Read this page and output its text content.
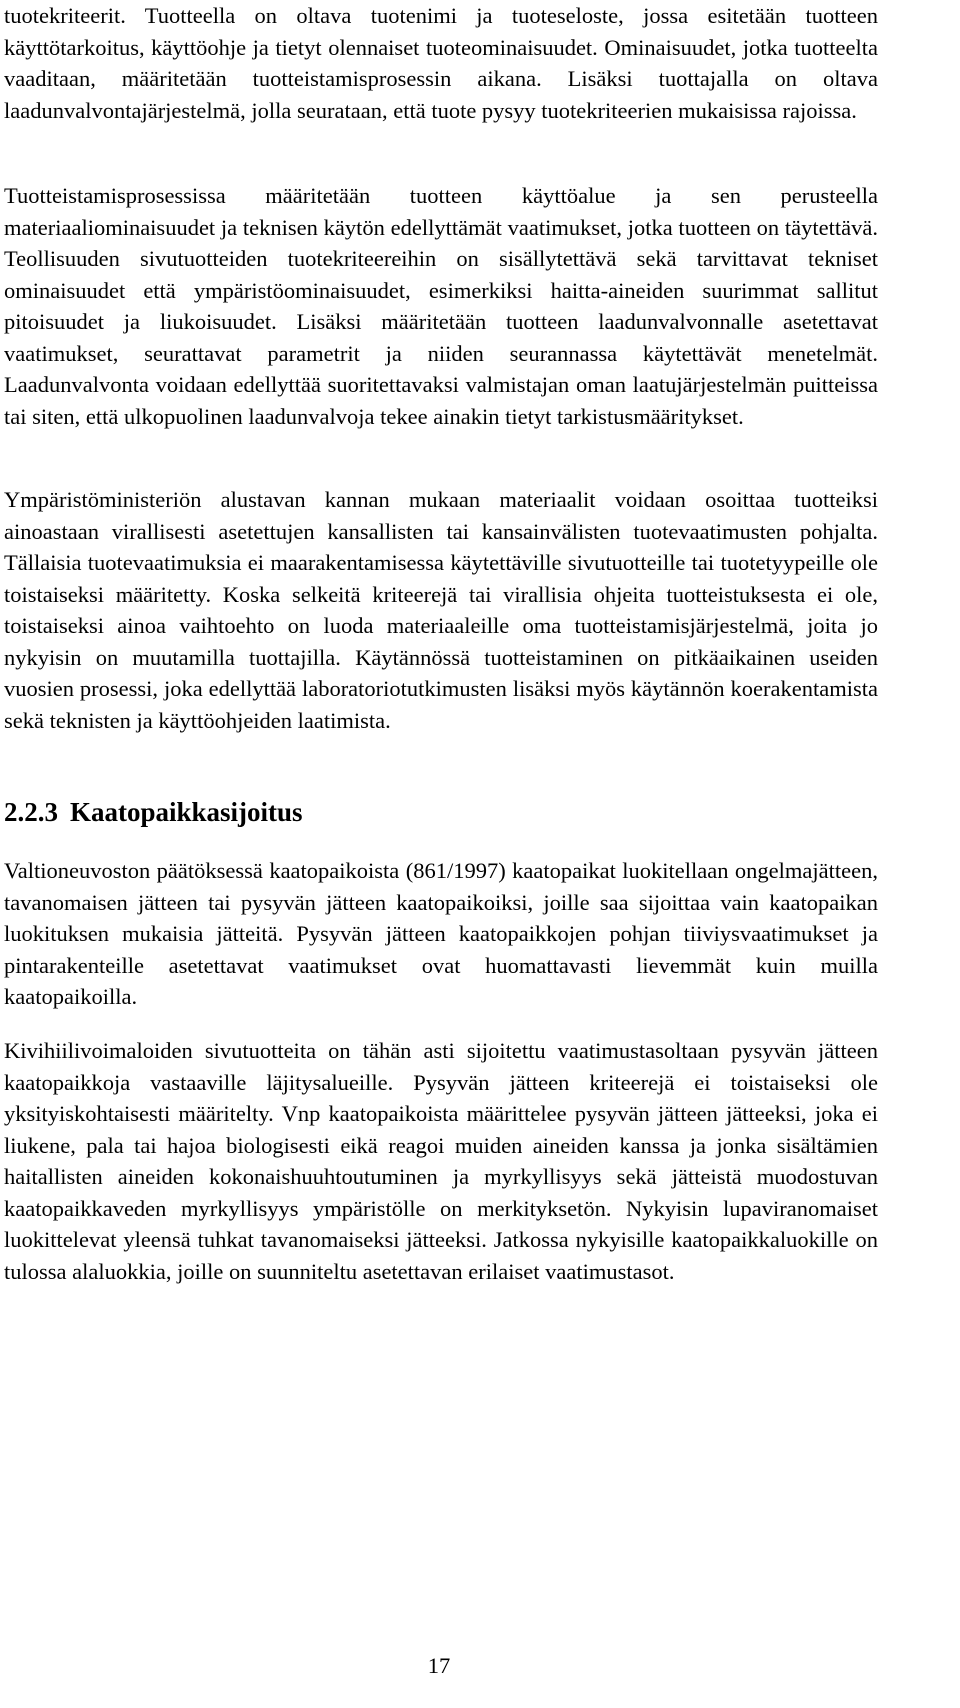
tuotekriteerit. Tuotteella on oltava tuotenimi ja tuoteseloste, jossa esitetään tuotteen käyttötarkoitus, käyttöohje ja tietyt olennaiset tuoteominaisuudet. Ominaisuudet, jotka tuotteelta vaaditaan, määritetään tuotteistamisprosessin aikana. Lisäksi tuottajalla on oltava laadunvalvontajärjestelmä, jolla seurataan, että tuote pysyy tuotekriteerien mukaisissa rajoissa.

Tuotteistamisprosessissa määritetään tuotteen käyttöalue ja sen perusteella materiaaliominaisuudet ja teknisen käytön edellyttämät vaatimukset, jotka tuotteen on täytettävä. Teollisuuden sivutuotteiden tuotekriteereihin on sisällytettävä sekä tarvittavat tekniset ominaisuudet että ympäristöominaisuudet, esimerkiksi haitta-aineiden suurimmat sallitut pitoisuudet ja liukoisuudet. Lisäksi määritetään tuotteen laadunvalvonnalle asetettavat vaatimukset, seurattavat parametrit ja niiden seurannassa käytettävät menetelmät. Laadunvalvonta voidaan edellyttää suoritettavaksi valmistajan oman laatujärjestelmän puitteissa tai siten, että ulkopuolinen laadunvalvoja tekee ainakin tietyt tarkistusmääritykset.

Ympäristöministeriön alustavan kannan mukaan materiaalit voidaan osoittaa tuotteiksi ainoastaan virallisesti asetettujen kansallisten tai kansainvälisten tuotevaatimusten pohjalta. Tällaisia tuotevaatimuksia ei maarakentamisessa käytettäville sivutuotteille tai tuotetyypeille ole toistaiseksi määritetty. Koska selkeitä kriteerejä tai virallisia ohjeita tuotteistuksesta ei ole, toistaiseksi ainoa vaihtoehto on luoda materiaaleille oma tuotteistamisjärjestelmä, joita jo nykyisin on muutamilla tuottajilla. Käytännössä tuotteistaminen on pitkäaikainen useiden vuosien prosessi, joka edellyttää laboratoriotutkimusten lisäksi myös käytännön koerakentamista sekä teknisten ja käyttöohjeiden laatimista.

2.2.3 Kaatopaikkasijoitus

Valtioneuvoston päätöksessä kaatopaikoista (861/1997) kaatopaikat luokitellaan ongelmajätteen, tavanomaisen jätteen tai pysyvän jätteen kaatopaikoiksi, joille saa sijoittaa vain kaatopaikan luokituksen mukaisia jätteitä. Pysyvän jätteen kaatopaikkojen pohjan tiiviysvaatimukset ja pintarakenteille asetettavat vaatimukset ovat huomattavasti lievemmät kuin muilla kaatopaikoilla.

Kivihiilivoimaloiden sivutuotteita on tähän asti sijoitettu vaatimustasoltaan pysyvän jätteen kaatopaikkoja vastaaville läjitysalueille. Pysyvän jätteen kriteerejä ei toistaiseksi ole yksityiskohtaisesti määritelty. Vnp kaatopaikoista määrittelee pysyvän jätteen jätteeksi, joka ei liukene, pala tai hajoa biologisesti eikä reagoi muiden aineiden kanssa ja jonka sisältämien haitallisten aineiden kokonaishuuhtoutuminen ja myrkyllisyys sekä jätteistä muodostuvan kaatopaikkaveden myrkyllisyys ympäristölle on merkityksetön. Nykyisin lupaviranomaiset luokittelevat yleensä tuhkat tavanomaiseksi jätteeksi. Jatkossa nykyisille kaatopaikkaluokille on tulossa alaluokkia, joille on suunniteltu asetettavan erilaiset vaatimustasot.

17
